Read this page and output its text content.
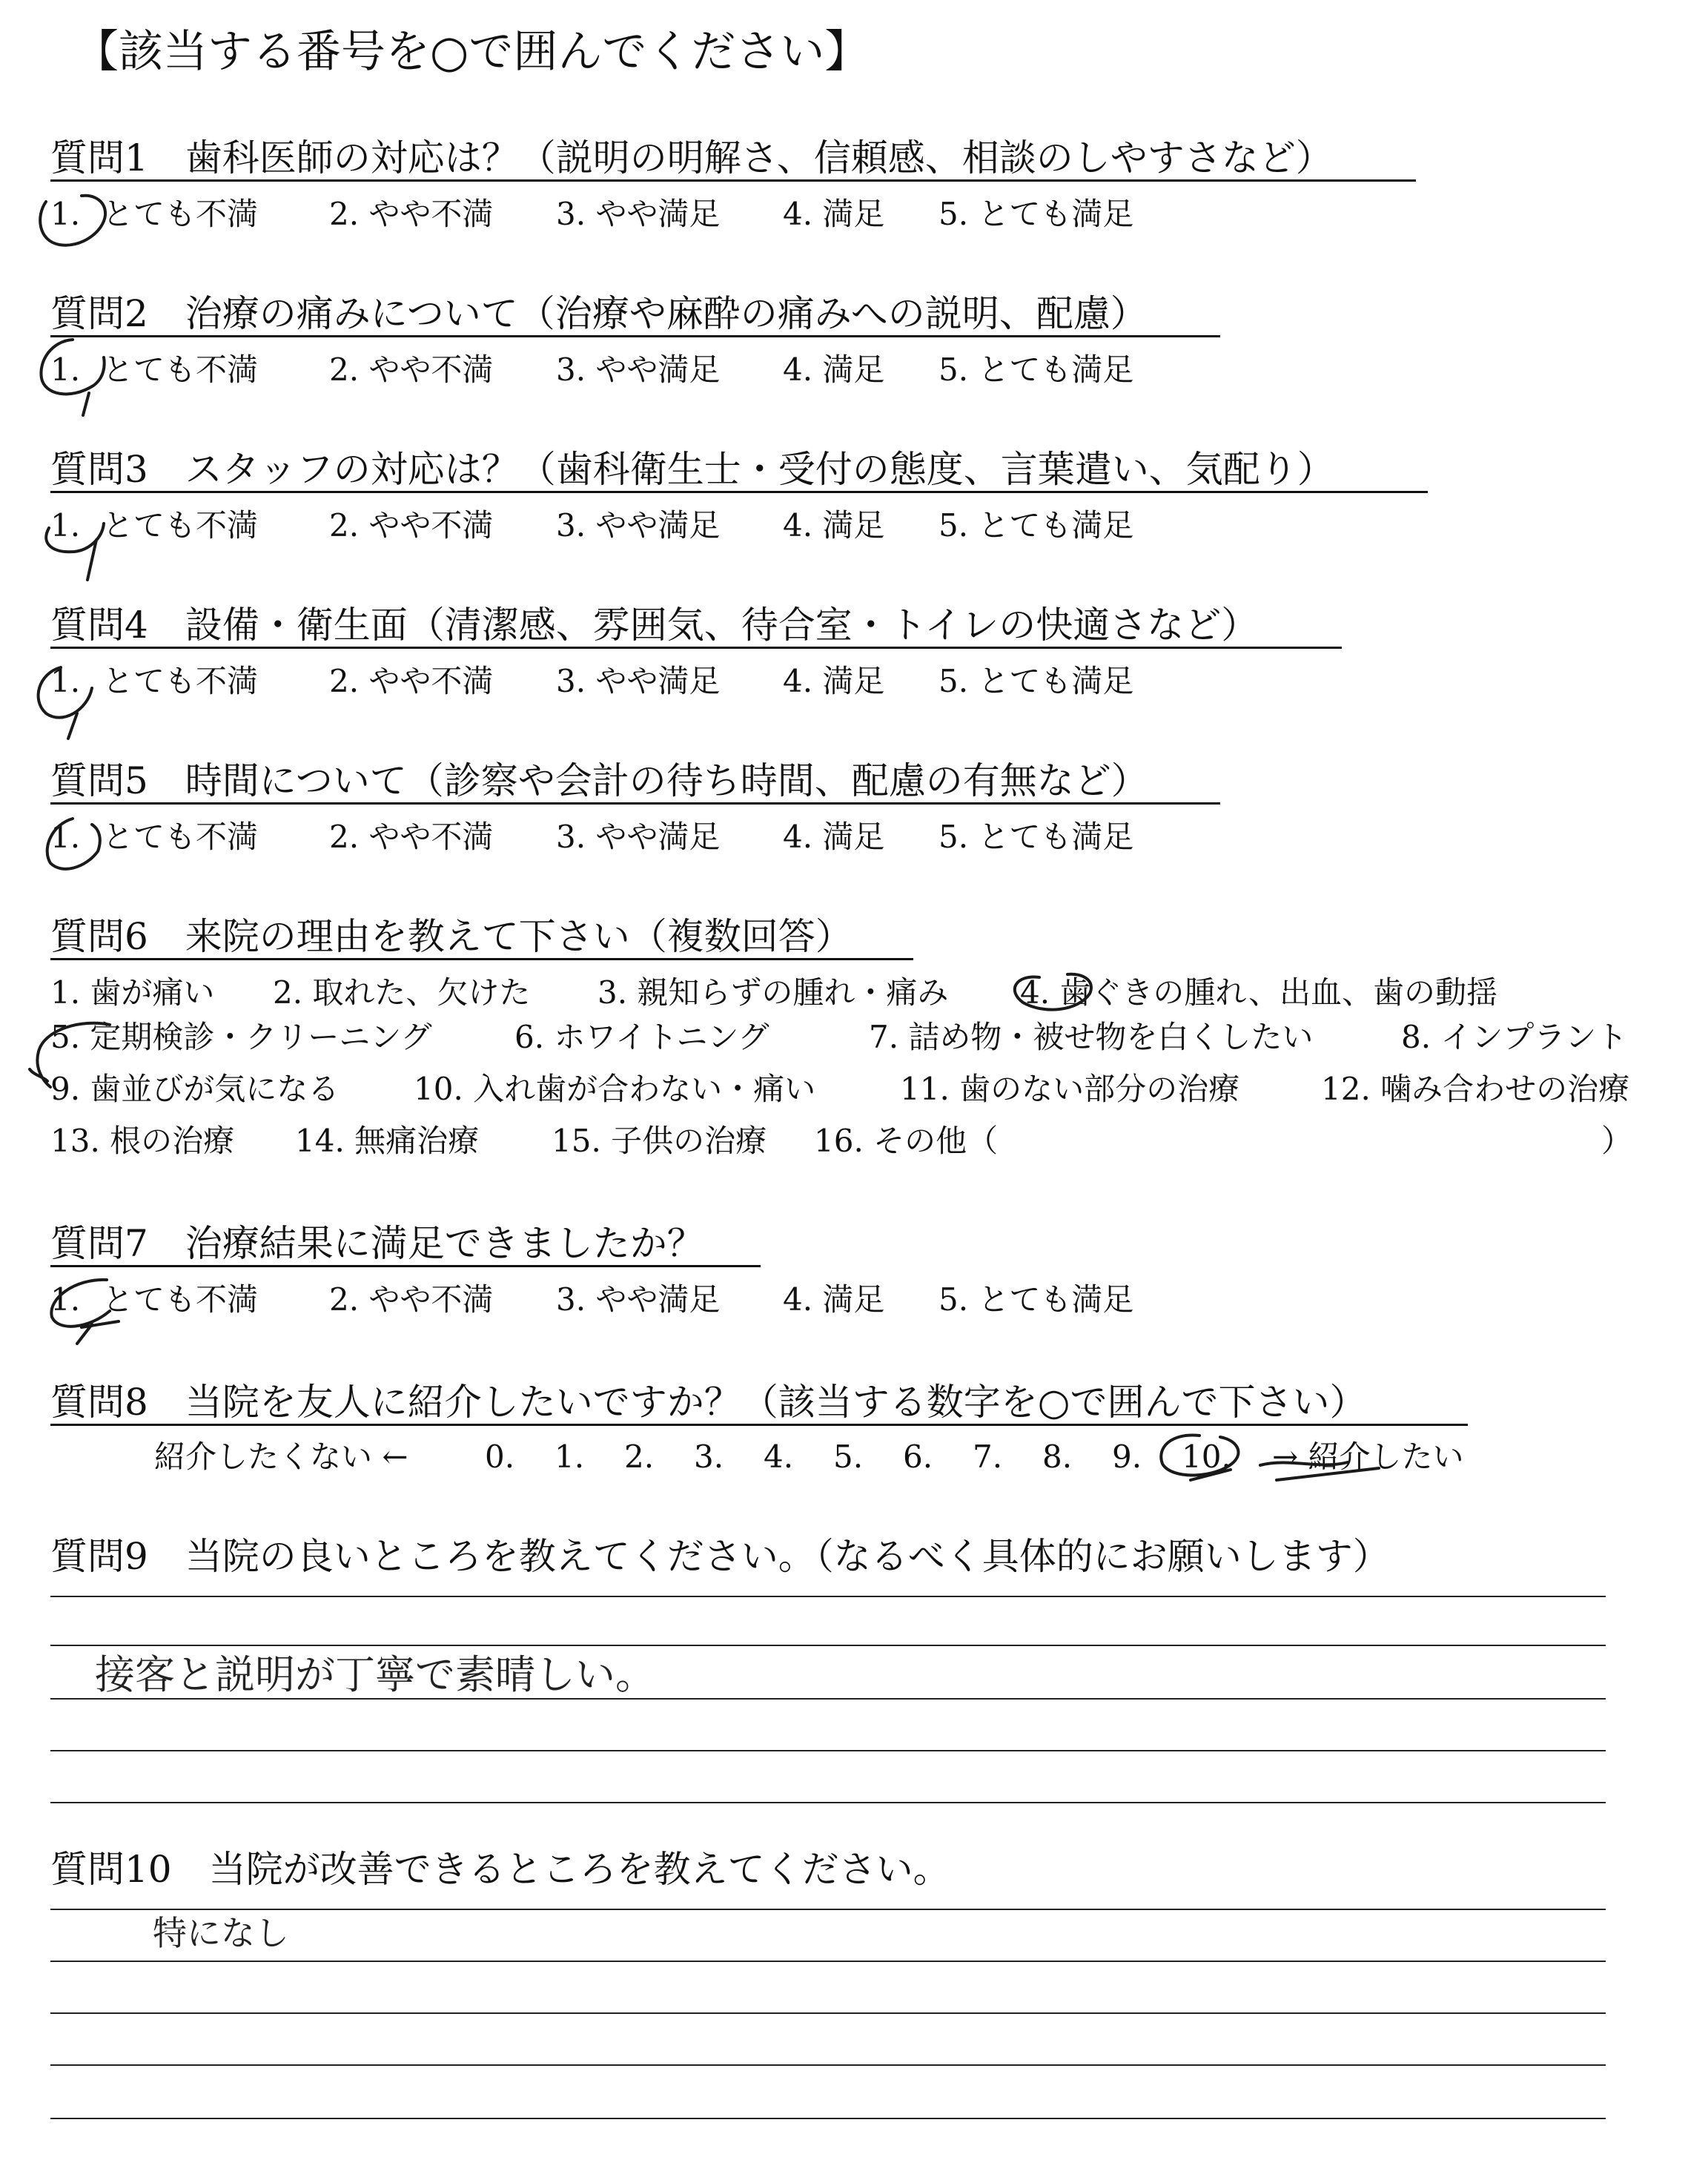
【該当する番号を○で囲んでください】
質問1　歯科医師の対応は？（説明の明解さ、信頼感、相談のしやすさなど）
1. とても不満	2. やや不満	3. やや満足	4. 満足	5. とても満足
質問2　治療の痛みについて（治療や麻酔の痛みへの説明、配慮）
1. とても不満	2. やや不満	3. やや満足	4. 満足	5. とても満足
質問3　スタッフの対応は？（歯科衛生士・受付の態度、言葉遣い、気配り）
1. とても不満	2. やや不満	3. やや満足	4. 満足	5. とても満足
質問4　設備・衛生面（清潔感、雰囲気、待合室・トイレの快適さなど）
1. とても不満	2. やや不満	3. やや満足	4. 満足	5. とても満足
質問5　時間について（診察や会計の待ち時間、配慮の有無など）
1. とても不満	2. やや不満	3. やや満足	4. 満足	5. とても満足
質問6　来院の理由を教えて下さい（複数回答）
1. 歯が痛い	2. 取れた、欠けた	3. 親知らずの腫れ・痛み	4. 歯ぐきの腫れ、出血、歯の動揺
5. 定期検診・クリーニング	6. ホワイトニング	7. 詰め物・被せ物を白くしたい	8. インプラント
9. 歯並びが気になる	10. 入れ歯が合わない・痛い	11. 歯のない部分の治療	12. 噛み合わせの治療
13. 根の治療	14. 無痛治療	15. 子供の治療	16. その他（	）
質問7　治療結果に満足できましたか？
1. とても不満	2. やや不満	3. やや満足	4. 満足	5. とても満足
質問8　当院を友人に紹介したいですか？（該当する数字を○で囲んで下さい）
紹介したくない ←	0.	1.	2.	3.	4.	5.	6.	7.	8.	9.	10.	→ 紹介したい
質問9　当院の良いところを教えてください。（なるべく具体的にお願いします）
接客と説明が丁寧で素晴しい。
質問10　当院が改善できるところを教えてください。
特になし
